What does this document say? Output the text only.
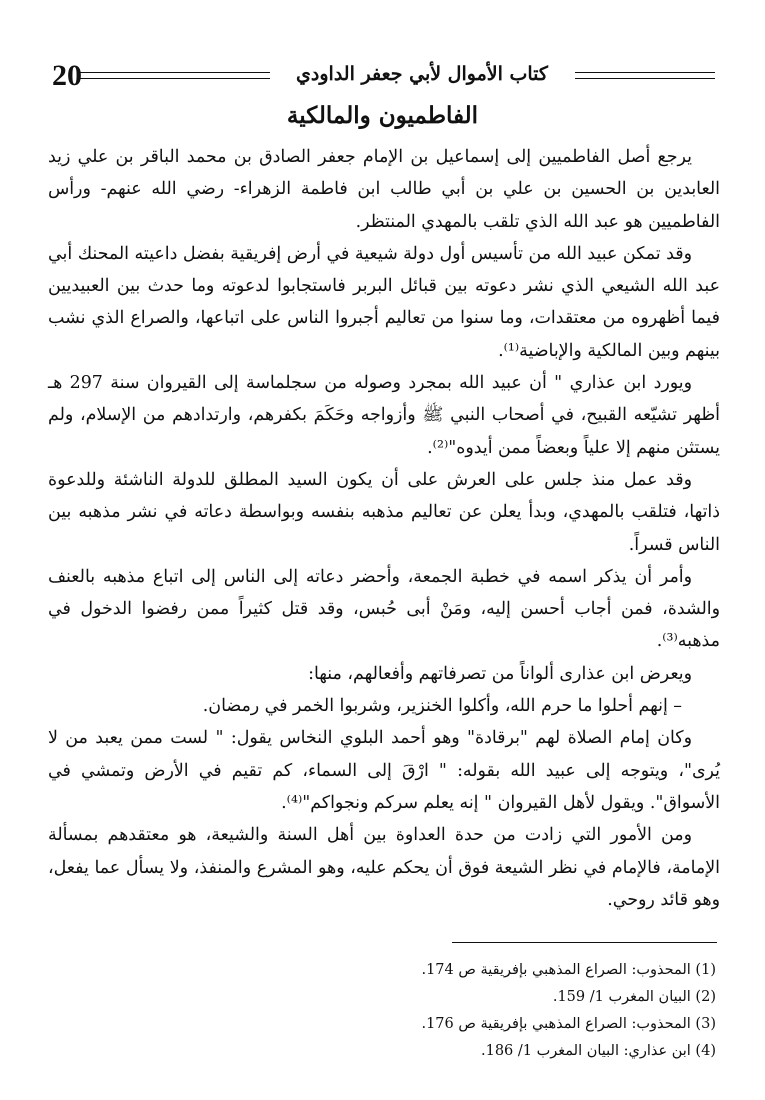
20	كتاب الأموال لأبي جعفر الداودي
الفاطميون والمالكية

يرجع أصل الفاطميين إلى إسماعيل بن الإمام جعفر الصادق بن محمد الباقر بن علي زيد العابدين بن الحسين بن علي بن أبي طالب ابن فاطمة الزهراء- رضي الله عنهم- ورأس الفاطميين هو عبد الله الذي تلقب بالمهدي المنتظر.

وقد تمكن عبيد الله من تأسيس أول دولة شيعية في أرض إفريقية بفضل داعيته المحنك أبي عبد الله الشيعي الذي نشر دعوته بين قبائل البربر فاستجابوا لدعوته وما حدث بين العبيديين فيما أظهروه من معتقدات، وما سنوا من تعاليم أجبروا الناس على اتباعها، والصراع الذي نشب بينهم وبين المالكية والإباضية⁽¹⁾.

ويورد ابن عذاري " أن عبيد الله بمجرد وصوله من سجلماسة إلى القيروان سنة 297 هـ أظهر تشيّعه القبيح، في أصحاب النبي ﷺ وأزواجه وحَكَمَ بكفرهم، وارتدادهم من الإسلام، ولم يستثن منهم إلا علياً وبعضاً ممن أيدوه"⁽²⁾.

وقد عمل منذ جلس على العرش على أن يكون السيد المطلق للدولة الناشئة وللدعوة ذاتها، فتلقب بالمهدي، وبدأ يعلن عن تعاليم مذهبه بنفسه وبواسطة دعاته في نشر مذهبه بين الناس قسراً.

وأمر أن يذكر اسمه في خطبة الجمعة، وأحضر دعاته إلى الناس إلى اتباع مذهبه بالعنف والشدة، فمن أجاب أحسن إليه، ومَنْ أبى حُبس، وقد قتل كثيراً ممن رفضوا الدخول في مذهبه⁽³⁾.

ويعرض ابن عذارى ألواناً من تصرفاتهم وأفعالهم، منها:

– إنهم أحلوا ما حرم الله، وأكلوا الخنزير، وشربوا الخمر في رمضان.

وكان إمام الصلاة لهم "برقادة" وهو أحمد البلوي النخاس يقول: " لست ممن يعبد من لا يُرى"، ويتوجه إلى عبيد الله بقوله: " ارْقَ إلى السماء، كم تقيم في الأرض وتمشي في الأسواق". ويقول لأهل القيروان " إنه يعلم سركم ونجواكم"⁽⁴⁾.

ومن الأمور التي زادت من حدة العداوة بين أهل السنة والشيعة، هو معتقدهم بمسألة الإمامة، فالإمام في نظر الشيعة فوق أن يحكم عليه، وهو المشرع والمنفذ، ولا يسأل عما يفعل، وهو قائد روحي.

(1) المحذوب: الصراع المذهبي بإفريقية ص 174.

(2) البيان المغرب 1/ 159.

(3) المحذوب: الصراع المذهبي بإفريقية ص 176.

(4) ابن عذاري: البيان المغرب 1/ 186.
